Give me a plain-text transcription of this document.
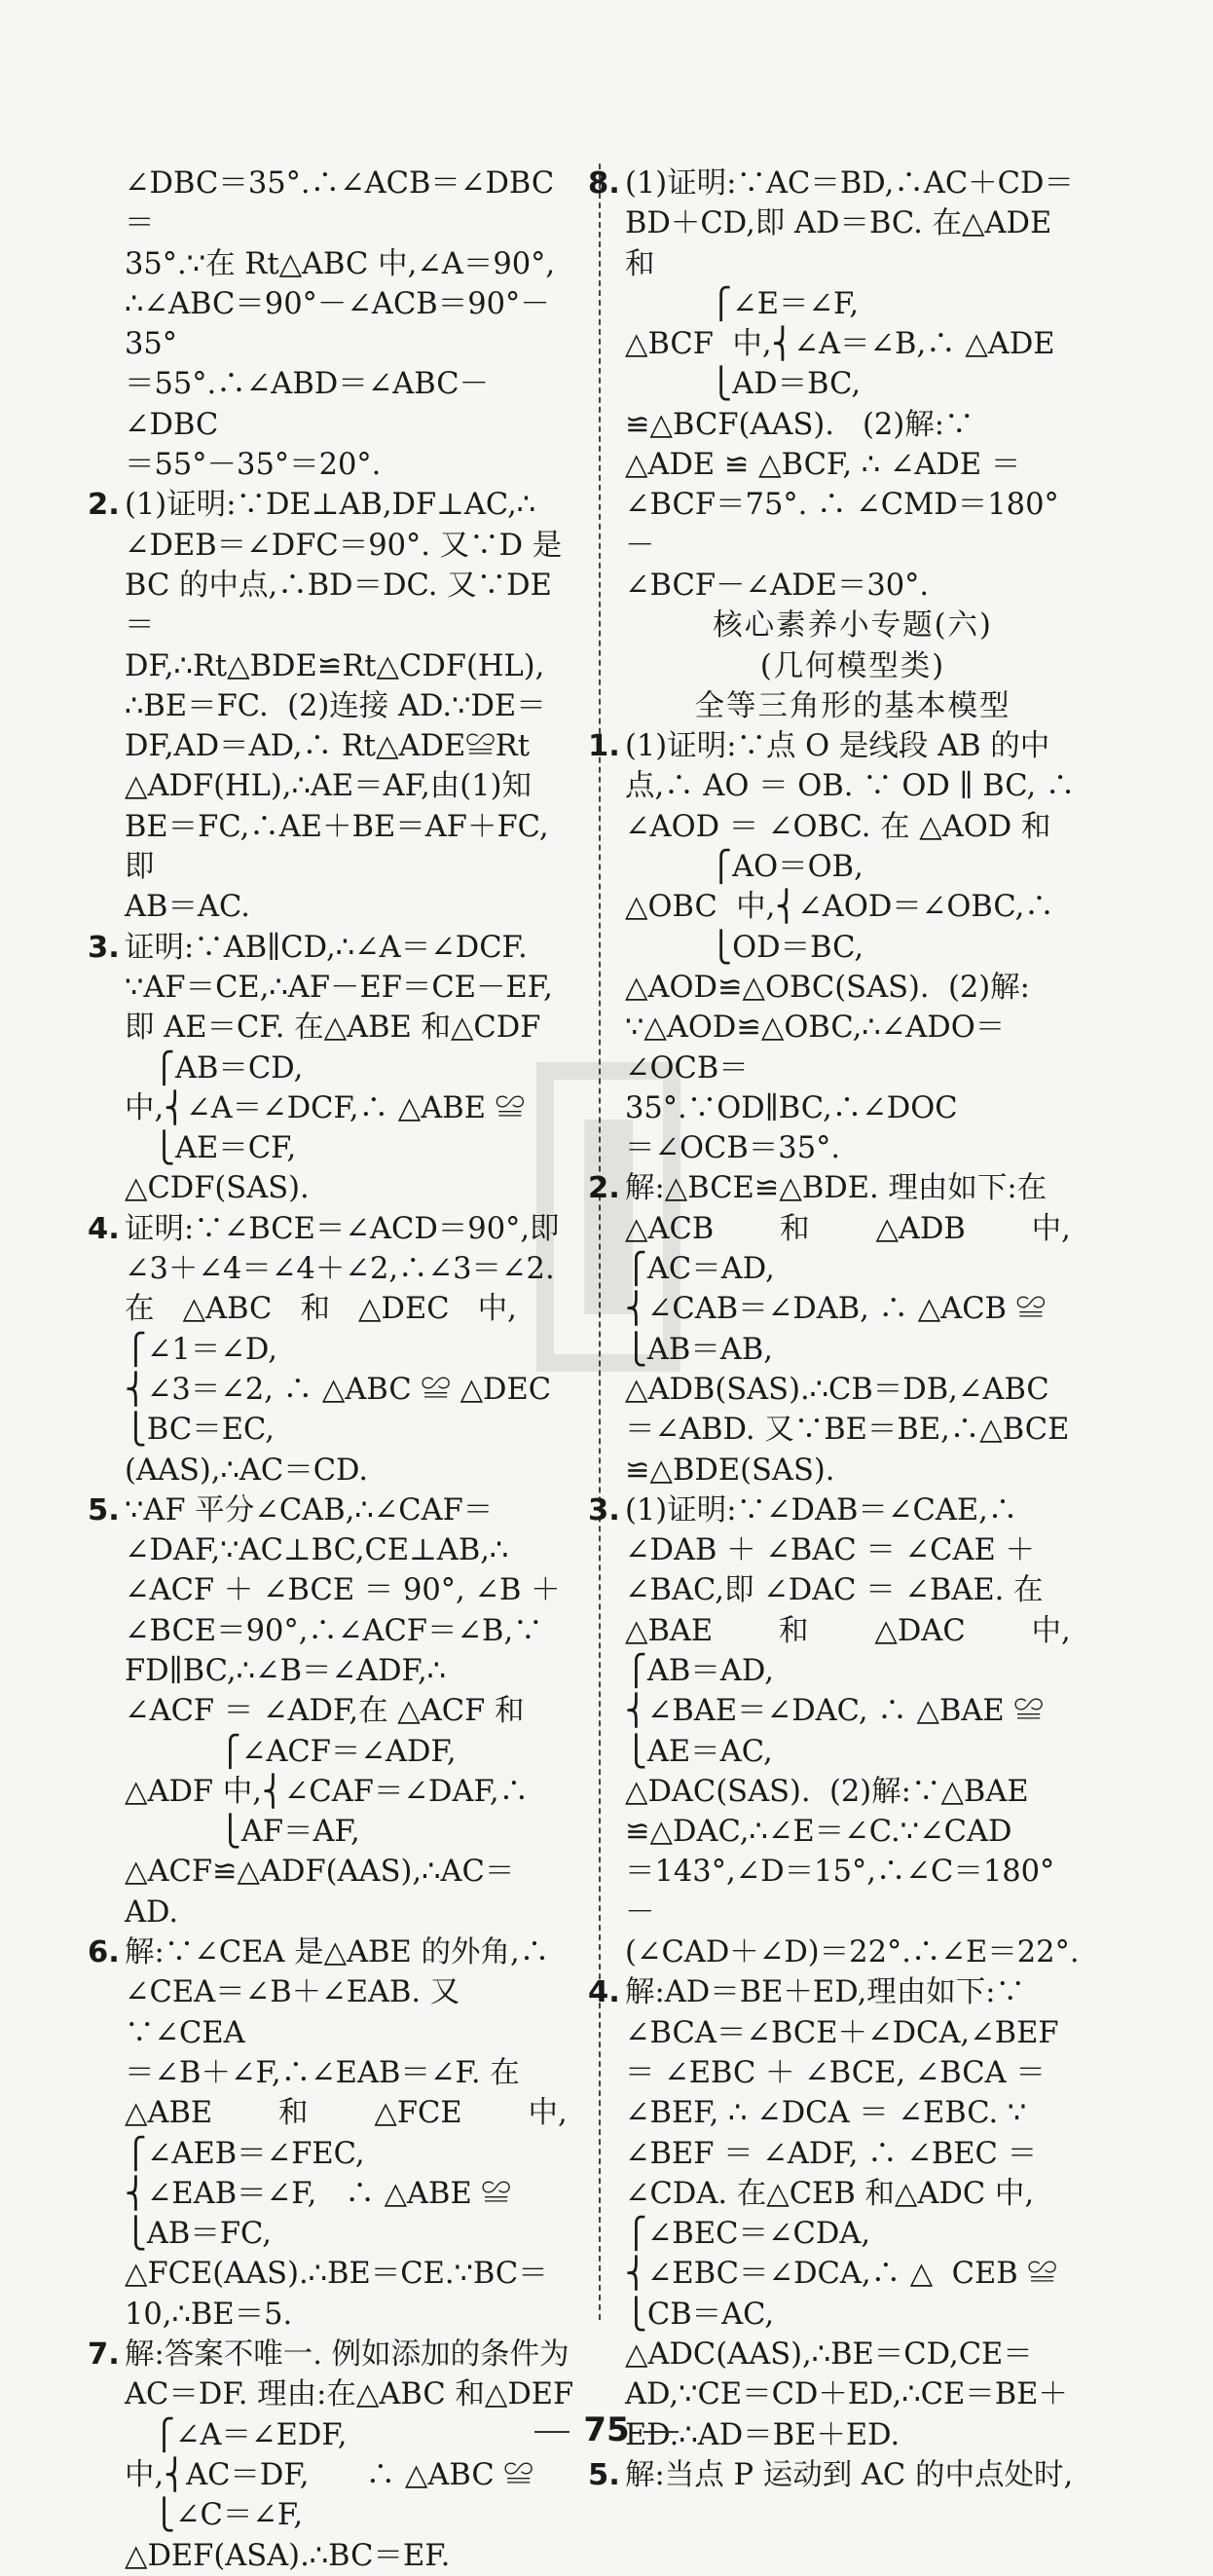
∠DBC＝35°.∴∠ACB＝∠DBC＝
35°.∵在 Rt△ABC 中,∠A＝90°,
∴∠ABC＝90°－∠ACB＝90°－35°
＝55°.∴∠ABD＝∠ABC－∠DBC
＝55°－35°＝20°.
2. (1)证明:∵DE⊥AB,DF⊥AC,∴
∠DEB＝∠DFC＝90°. 又∵D 是
BC 的中点,∴BD＝DC. 又∵DE＝
DF,∴Rt△BDE≌Rt△CDF(HL),
∴BE＝FC.  (2)连接 AD.∵DE＝
DF,AD＝AD,∴ Rt△ADE≌Rt
△ADF(HL),∴AE＝AF,由(1)知
BE＝FC,∴AE＋BE＝AF＋FC,即
AB＝AC.
3. 证明:∵AB∥CD,∴∠A＝∠DCF.
∵AF＝CE,∴AF－EF＝CE－EF,
即 AE＝CF. 在△ABE 和△CDF
⎧AB＝CD,
中,⎨∠A＝∠DCF,∴ △ABE ≌
⎩AE＝CF,
△CDF(SAS).
4. 证明:∵∠BCE＝∠ACD＝90°,即
∠3＋∠4＝∠4＋∠2,∴∠3＝∠2.
在   △ABC   和   △DEC   中,
⎧∠1＝∠D,
⎨∠3＝∠2, ∴ △ABC ≌ △DEC
⎩BC＝EC,
(AAS),∴AC＝CD.
5. ∵AF 平分∠CAB,∴∠CAF＝
∠DAF,∵AC⊥BC,CE⊥AB,∴
∠ACF ＋ ∠BCE ＝ 90°, ∠B ＋
∠BCE＝90°,∴∠ACF＝∠B,∵
FD∥BC,∴∠B＝∠ADF,∴
∠ACF ＝ ∠ADF,在 △ACF 和
⎧∠ACF＝∠ADF,
△ADF 中,⎨∠CAF＝∠DAF,∴
⎩AF＝AF,
△ACF≌△ADF(AAS),∴AC＝
AD.
6. 解:∵∠CEA 是△ABE 的外角,∴
∠CEA＝∠B＋∠EAB. 又∵∠CEA
＝∠B＋∠F,∴∠EAB＝∠F. 在
△ABE       和       △FCE       中,
⎧∠AEB＝∠FEC,
⎨∠EAB＝∠F,   ∴ △ABE ≌
⎩AB＝FC,
△FCE(AAS).∴BE＝CE.∵BC＝
10,∴BE＝5.
7. 解:答案不唯一. 例如添加的条件为
AC＝DF. 理由:在△ABC 和△DEF
⎧∠A＝∠EDF,
中,⎨AC＝DF,      ∴ △ABC ≌
⎩∠C＝∠F,
△DEF(ASA).∴BC＝EF.
8. (1)证明:∵AC＝BD,∴AC＋CD＝
BD＋CD,即 AD＝BC. 在△ADE 和
⎧∠E＝∠F,
△BCF  中,⎨∠A＝∠B,∴ △ADE
⎩AD＝BC,
≌△BCF(AAS).   (2)解:∵
△ADE ≌ △BCF, ∴ ∠ADE ＝
∠BCF＝75°. ∴ ∠CMD＝180°－
∠BCF－∠ADE＝30°.

核心素养小专题(六)

(几何模型类)

全等三角形的基本模型

1. (1)证明:∵点 O 是线段 AB 的中
点,∴ AO ＝ OB. ∵ OD ∥ BC, ∴
∠AOD ＝ ∠OBC. 在 △AOD 和
⎧AO＝OB,
△OBC  中,⎨∠AOD＝∠OBC,∴
⎩OD＝BC,
△AOD≌△OBC(SAS).  (2)解:
∵△AOD≌△OBC,∴∠ADO＝
∠OCB＝35°.∵OD∥BC,∴∠DOC
＝∠OCB＝35°.
2. 解:△BCE≌△BDE. 理由如下:在
△ACB       和       △ADB       中,
⎧AC＝AD,
⎨∠CAB＝∠DAB, ∴ △ACB ≌
⎩AB＝AB,
△ADB(SAS).∴CB＝DB,∠ABC
＝∠ABD. 又∵BE＝BE,∴△BCE
≌△BDE(SAS).
3. (1)证明:∵∠DAB＝∠CAE,∴
∠DAB ＋ ∠BAC ＝ ∠CAE ＋
∠BAC,即 ∠DAC ＝ ∠BAE. 在
△BAE       和       △DAC       中,
⎧AB＝AD,
⎨∠BAE＝∠DAC, ∴ △BAE ≌
⎩AE＝AC,
△DAC(SAS).  (2)解:∵△BAE
≌△DAC,∴∠E＝∠C.∵∠CAD
＝143°,∠D＝15°,∴∠C＝180°－
(∠CAD＋∠D)＝22°.∴∠E＝22°.
4. 解:AD＝BE＋ED,理由如下:∵
∠BCA＝∠BCE＋∠DCA,∠BEF
＝ ∠EBC ＋ ∠BCE, ∠BCA ＝
∠BEF, ∴ ∠DCA ＝ ∠EBC. ∵
∠BEF ＝ ∠ADF, ∴ ∠BEC ＝
∠CDA. 在△CEB 和△ADC 中,
⎧∠BEC＝∠CDA,
⎨∠EBC＝∠DCA,∴ △  CEB ≌
⎩CB＝AC,
△ADC(AAS),∴BE＝CD,CE＝
AD,∵CE＝CD＋ED,∴CE＝BE＋
ED.∴AD＝BE＋ED.
5. 解:当点 P 运动到 AC 的中点处时,
75
